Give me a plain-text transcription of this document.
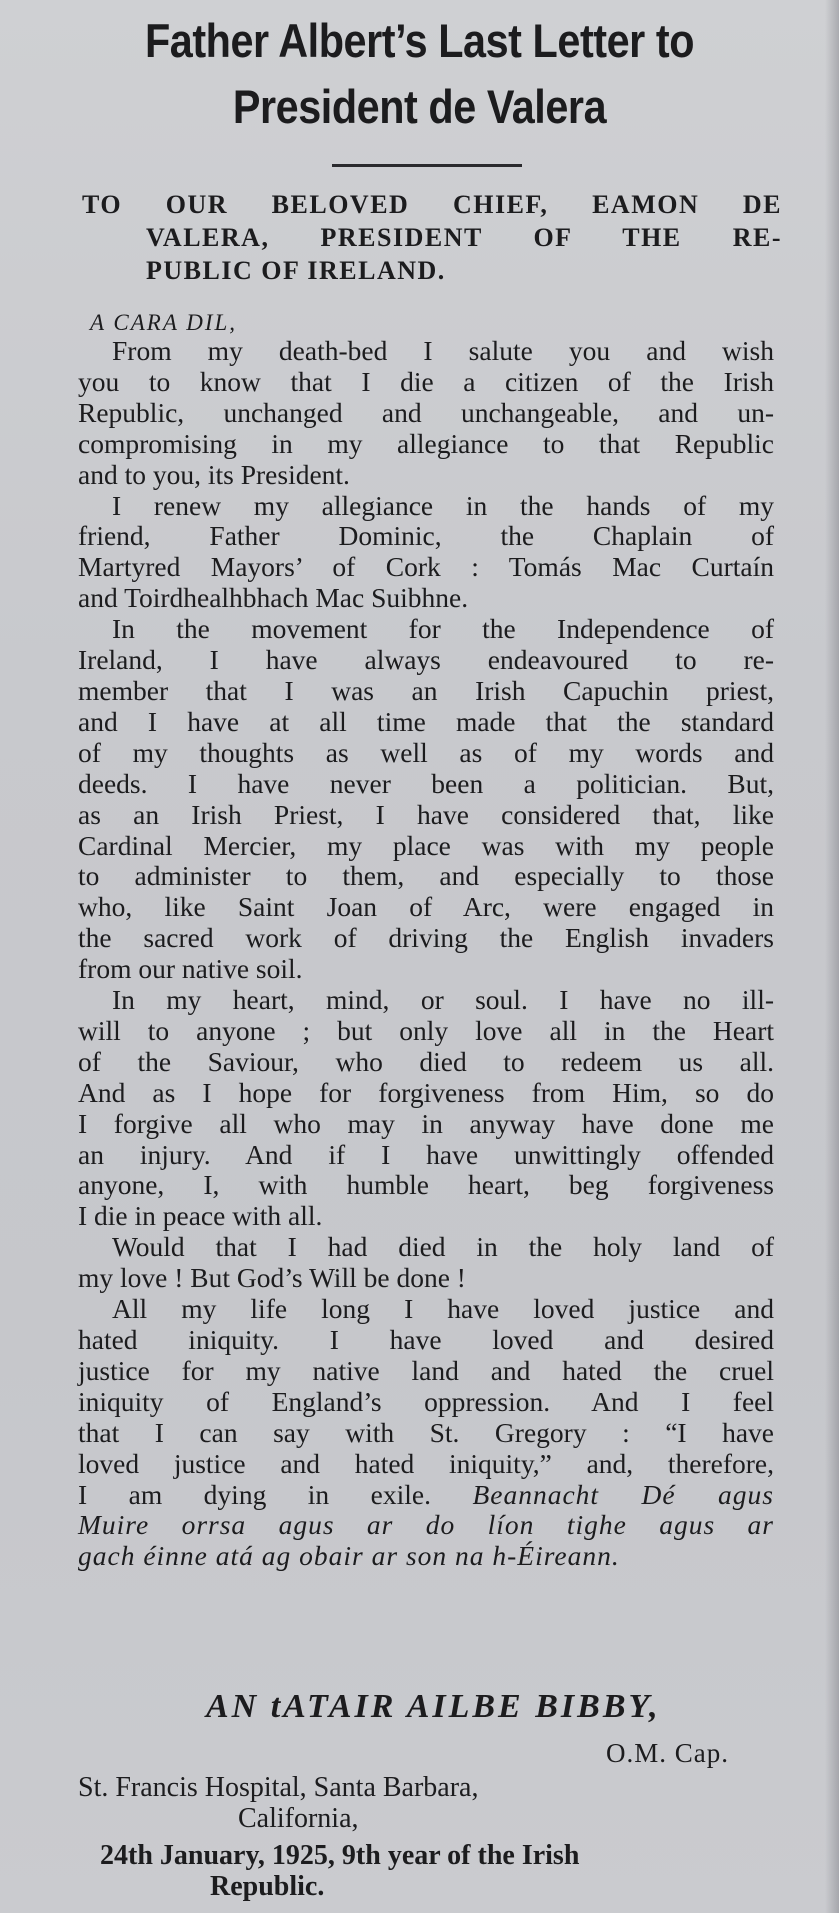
Father Albert’s Last Letter to
President de Valera
TO OUR BELOVED CHIEF, EAMON DE
VALERA, PRESIDENT OF THE RE-
PUBLIC OF IRELAND.
A CARA DIL,
From my death-bed I salute you and wish
you to know that I die a citizen of the Irish
Republic, unchanged and unchangeable, and un-
compromising in my allegiance to that Republic
and to you, its President.
I renew my allegiance in the hands of my
friend, Father Dominic, the Chaplain of
Martyred Mayors’ of Cork : Tomás Mac Curtaín
and Toirdhealhbhach Mac Suibhne.
In the movement for the Independence of
Ireland, I have always endeavoured to re-
member that I was an Irish Capuchin priest,
and I have at all time made that the standard
of my thoughts as well as of my words and
deeds. I have never been a politician. But,
as an Irish Priest, I have considered that, like
Cardinal Mercier, my place was with my people
to administer to them, and especially to those
who, like Saint Joan of Arc, were engaged in
the sacred work of driving the English invaders
from our native soil.
In my heart, mind, or soul. I have no ill-
will to anyone ; but only love all in the Heart
of the Saviour, who died to redeem us all.
And as I hope for forgiveness from Him, so do
I forgive all who may in anyway have done me
an injury. And if I have unwittingly offended
anyone, I, with humble heart, beg forgiveness
I die in peace with all.
Would that I had died in the holy land of
my love ! But God’s Will be done !
All my life long I have loved justice and
hated iniquity. I have loved and desired
justice for my native land and hated the cruel
iniquity of England’s oppression. And I feel
that I can say with St. Gregory : “I have
loved justice and hated iniquity,” and, therefore,
I am dying in exile. Beannacht Dé agus
Muire orrsa agus ar do líon tighe agus ar
gach éinne atá ag obair ar son na h-Éireann.
AN tATAIR AILBE BIBBY,
O.M. Cap.
St. Francis Hospital, Santa Barbara,
California,
24th January, 1925, 9th year of the Irish
Republic.
